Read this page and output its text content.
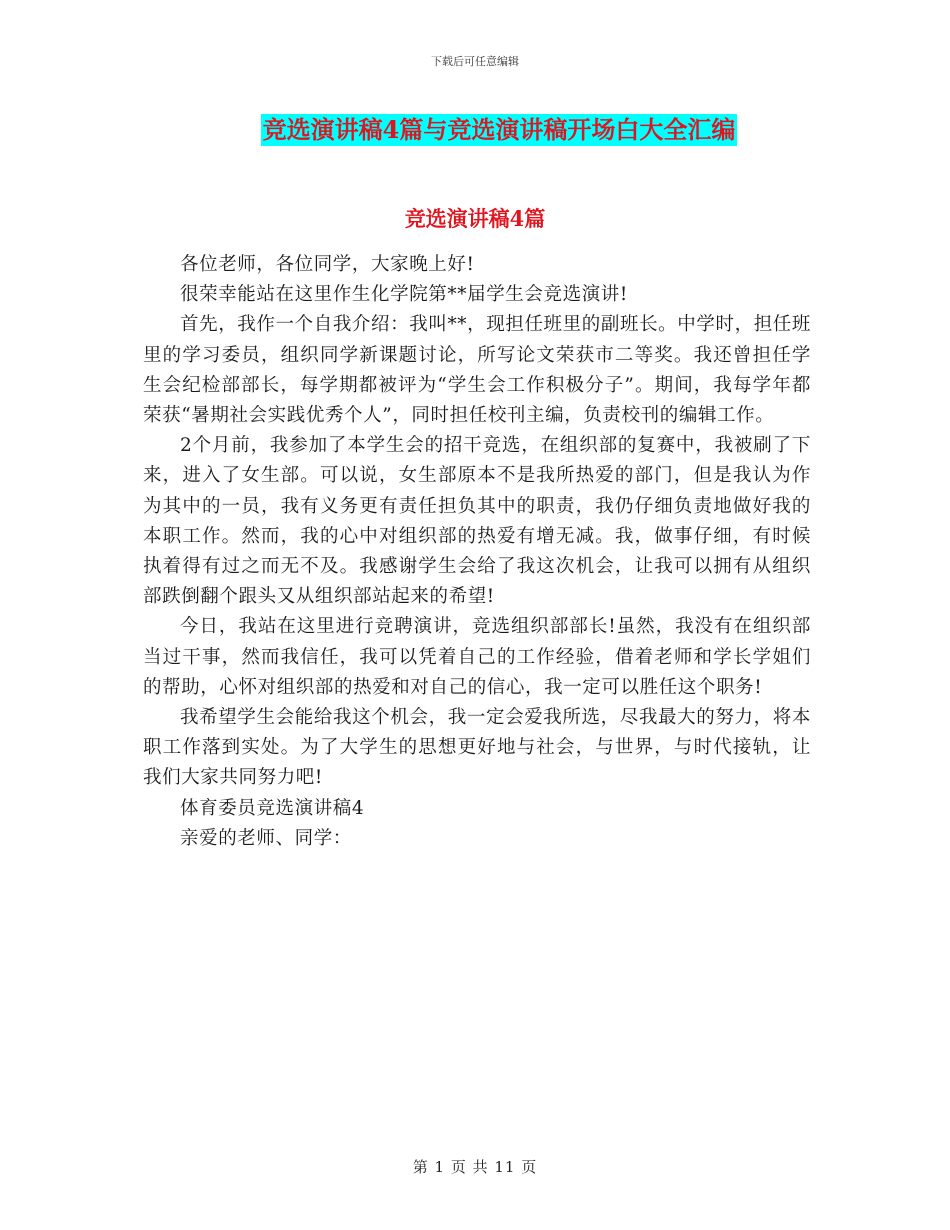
下载后可任意编辑
竞选演讲稿4篇与竞选演讲稿开场白大全汇编
竞选演讲稿4篇

各位老师，各位同学，大家晚上好!

很荣幸能站在这里作生化学院第**届学生会竞选演讲!

首先，我作一个自我介绍：我叫**，现担任班里的副班长。中学时，担任班里的学习委员，组织同学新课题讨论，所写论文荣获市二等奖。我还曾担任学生会纪检部部长，每学期都被评为“学生会工作积极分子”。期间，我每学年都荣获“暑期社会实践优秀个人”，同时担任校刊主编，负责校刊的编辑工作。

2个月前，我参加了本学生会的招干竞选，在组织部的复赛中，我被刷了下来，进入了女生部。可以说，女生部原本不是我所热爱的部门，但是我认为作为其中的一员，我有义务更有责任担负其中的职责，我仍仔细负责地做好我的本职工作。然而，我的心中对组织部的热爱有增无减。我，做事仔细，有时候执着得有过之而无不及。我感谢学生会给了我这次机会，让我可以拥有从组织部跌倒翻个跟头又从组织部站起来的希望!

今日，我站在这里进行竞聘演讲，竞选组织部部长!虽然，我没有在组织部当过干事，然而我信任，我可以凭着自己的工作经验，借着老师和学长学姐们的帮助，心怀对组织部的热爱和对自己的信心，我一定可以胜任这个职务!

我希望学生会能给我这个机会，我一定会爱我所选，尽我最大的努力，将本职工作落到实处。为了大学生的思想更好地与社会，与世界，与时代接轨，让我们大家共同努力吧!

体育委员竞选演讲稿4

亲爱的老师、同学：

第 1 页 共 11 页
